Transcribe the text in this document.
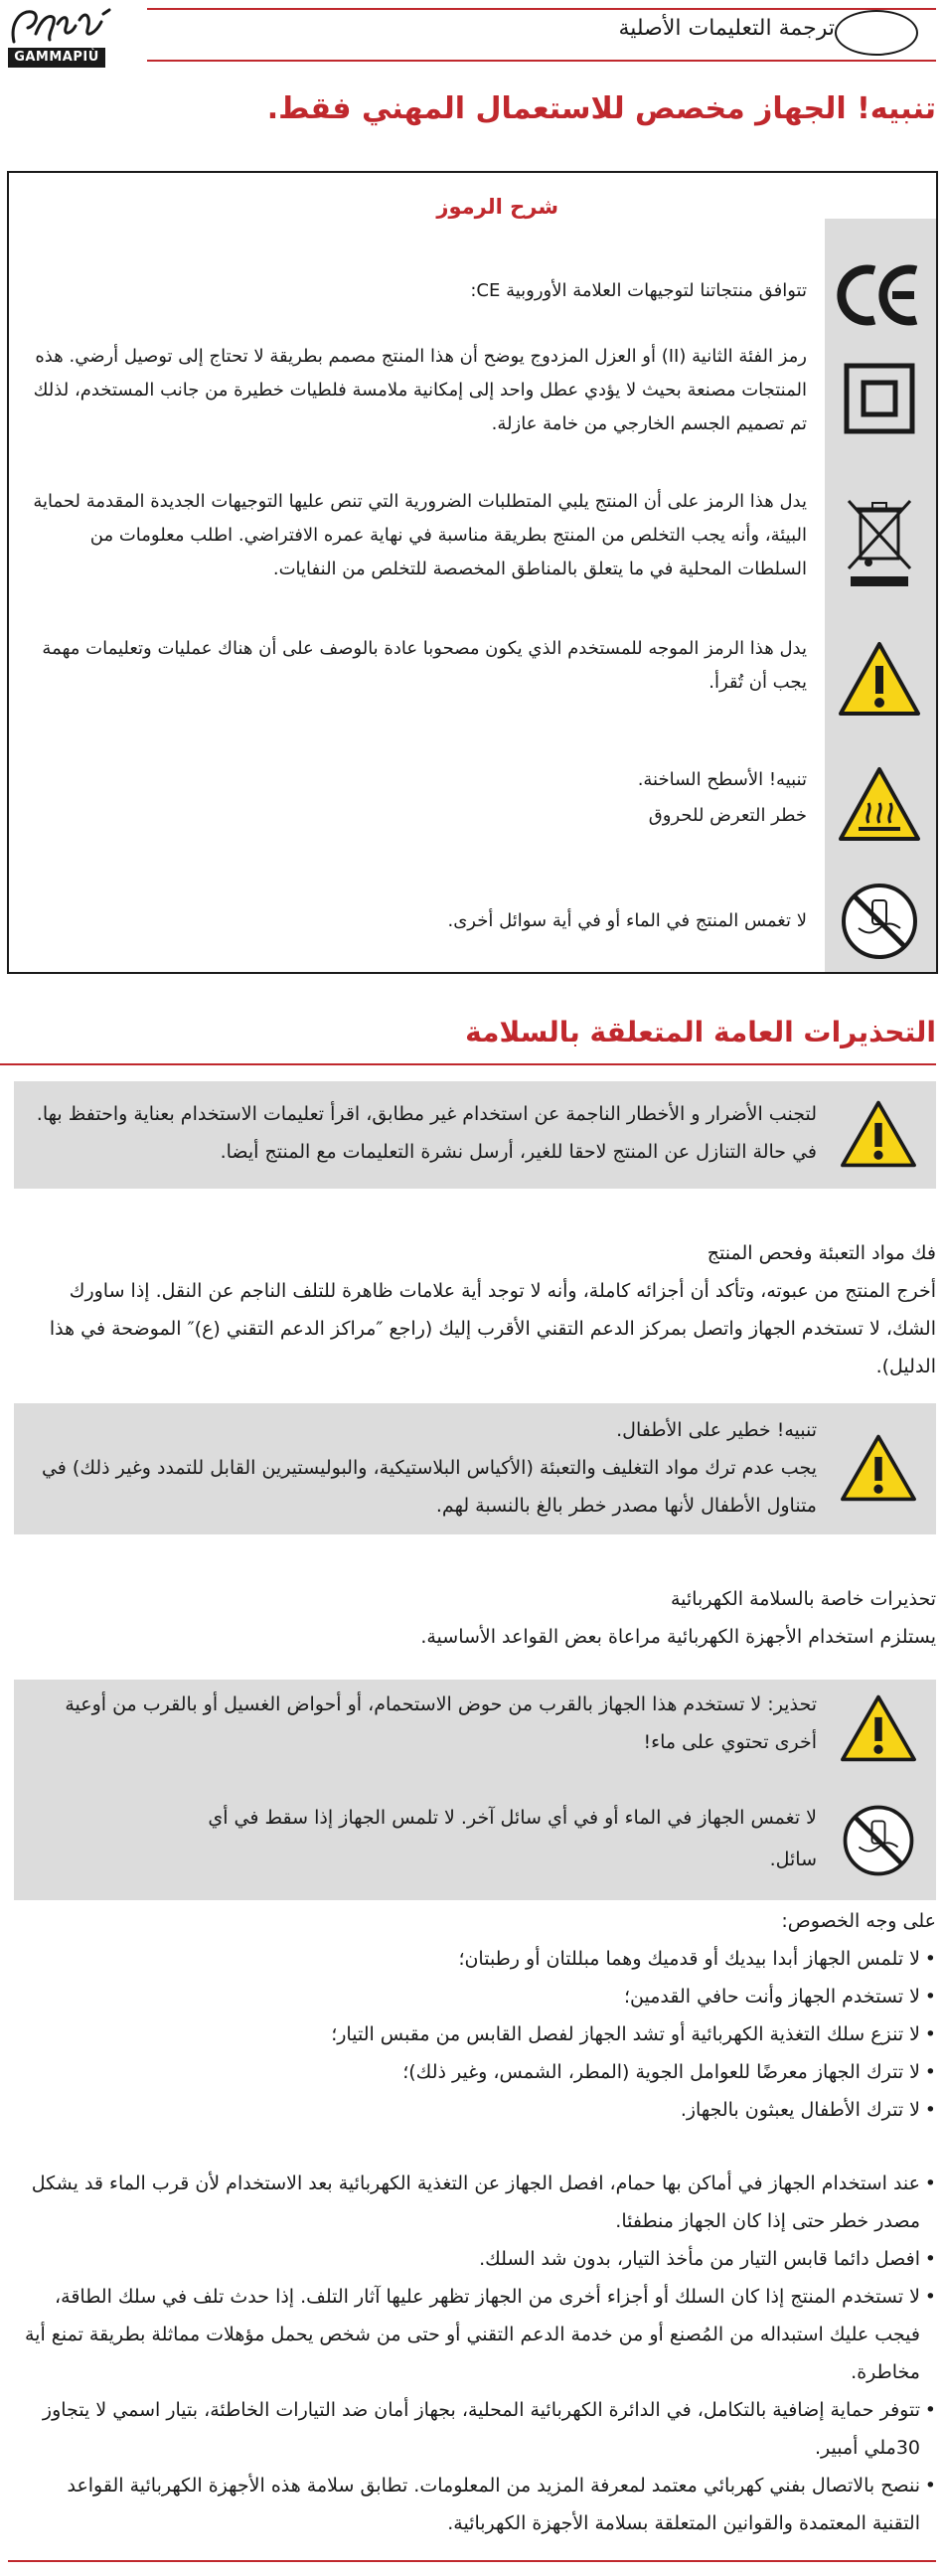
GAMMAPIÙ
ترجمة التعليمات الأصلية
تنبيه! الجهاز مخصص للاستعمال المهني فقط.
شرح الرموز
تتوافق منتجاتنا لتوجيهات العلامة الأوروبية CE:
رمز الفئة الثانية (II) أو العزل المزدوج يوضح أن هذا المنتج مصمم بطريقة لا تحتاج إلى توصيل أرضي. هذه المنتجات مصنعة بحيث لا يؤدي عطل واحد إلى إمكانية ملامسة فلطيات خطيرة من جانب المستخدم، لذلك تم تصميم الجسم الخارجي من خامة عازلة.
يدل هذا الرمز على أن المنتج يلبي المتطلبات الضرورية التي تنص عليها التوجيهات الجديدة المقدمة لحماية البيئة، وأنه يجب التخلص من المنتج بطريقة مناسبة في نهاية عمره الافتراضي. اطلب معلومات من السلطات المحلية في ما يتعلق بالمناطق المخصصة للتخلص من النفايات.
يدل هذا الرمز الموجه للمستخدم الذي يكون مصحوبا عادة بالوصف على أن هناك عمليات وتعليمات مهمة يجب أن تُقرأ.
تنبيه! الأسطح الساخنة.
خطر التعرض للحروق
لا تغمس المنتج في الماء أو في أية سوائل أخرى.
التحذيرات العامة المتعلقة بالسلامة
لتجنب الأضرار و الأخطار الناجمة عن استخدام غير مطابق، اقرأ تعليمات الاستخدام بعناية واحتفظ بها. في حالة التنازل عن المنتج لاحقا للغير، أرسل نشرة التعليمات مع المنتج أيضا.
فك مواد التعبئة وفحص المنتج
أخرج المنتج من عبوته، وتأكد أن أجزائه كاملة، وأنه لا توجد أية علامات ظاهرة للتلف الناجم عن النقل. إذا ساورك الشك، لا تستخدم الجهاز واتصل بمركز الدعم التقني الأقرب إليك (راجع ″مراكز الدعم التقني (ع)″ الموضحة في هذا الدليل).
تنبيه! خطير على الأطفال.
يجب عدم ترك مواد التغليف والتعبئة (الأكياس البلاستيكية، والبوليستيرين القابل للتمدد وغير ذلك) في متناول الأطفال لأنها مصدر خطر بالغ بالنسبة لهم.
تحذيرات خاصة بالسلامة الكهربائية
يستلزم استخدام الأجهزة الكهربائية مراعاة بعض القواعد الأساسية.
تحذير: لا تستخدم هذا الجهاز بالقرب من حوض الاستحمام، أو أحواض الغسيل أو بالقرب من أوعية أخرى تحتوي على ماء!
لا تغمس الجهاز في الماء أو في أي سائل آخر. لا تلمس الجهاز إذا سقط في أي سائل.
على وجه الخصوص:
• لا تلمس الجهاز أبدا بيديك أو قدميك وهما مبللتان أو رطبتان؛
• لا تستخدم الجهاز وأنت حافي القدمين؛
• لا تنزع سلك التغذية الكهربائية أو تشد الجهاز لفصل القابس من مقبس التيار؛
• لا تترك الجهاز معرضًا للعوامل الجوية (المطر، الشمس، وغير ذلك)؛
• لا تترك الأطفال يعبثون بالجهاز.
• عند استخدام الجهاز في أماكن بها حمام، افصل الجهاز عن التغذية الكهربائية بعد الاستخدام لأن قرب الماء قد يشكل مصدر خطر حتى إذا كان الجهاز منطفئا.
• افصل دائما قابس التيار من مأخذ التيار، بدون شد السلك.
• لا تستخدم المنتج إذا كان السلك أو أجزاء أخرى من الجهاز تظهر عليها آثار التلف. إذا حدث تلف في سلك الطاقة، فيجب عليك استبداله من المُصنع أو من خدمة الدعم التقني أو حتى من شخص يحمل مؤهلات مماثلة بطريقة تمنع أية مخاطرة.
• تتوفر حماية إضافية بالتكامل، في الدائرة الكهربائية المحلية، بجهاز أمان ضد التيارات الخاطئة، بتيار اسمي لا يتجاوز 30ملي أمبير.
• ننصح بالاتصال بفني كهربائي معتمد لمعرفة المزيد من المعلومات. تطابق سلامة هذه الأجهزة الكهربائية القواعد التقنية المعتمدة والقوانين المتعلقة بسلامة الأجهزة الكهربائية.
